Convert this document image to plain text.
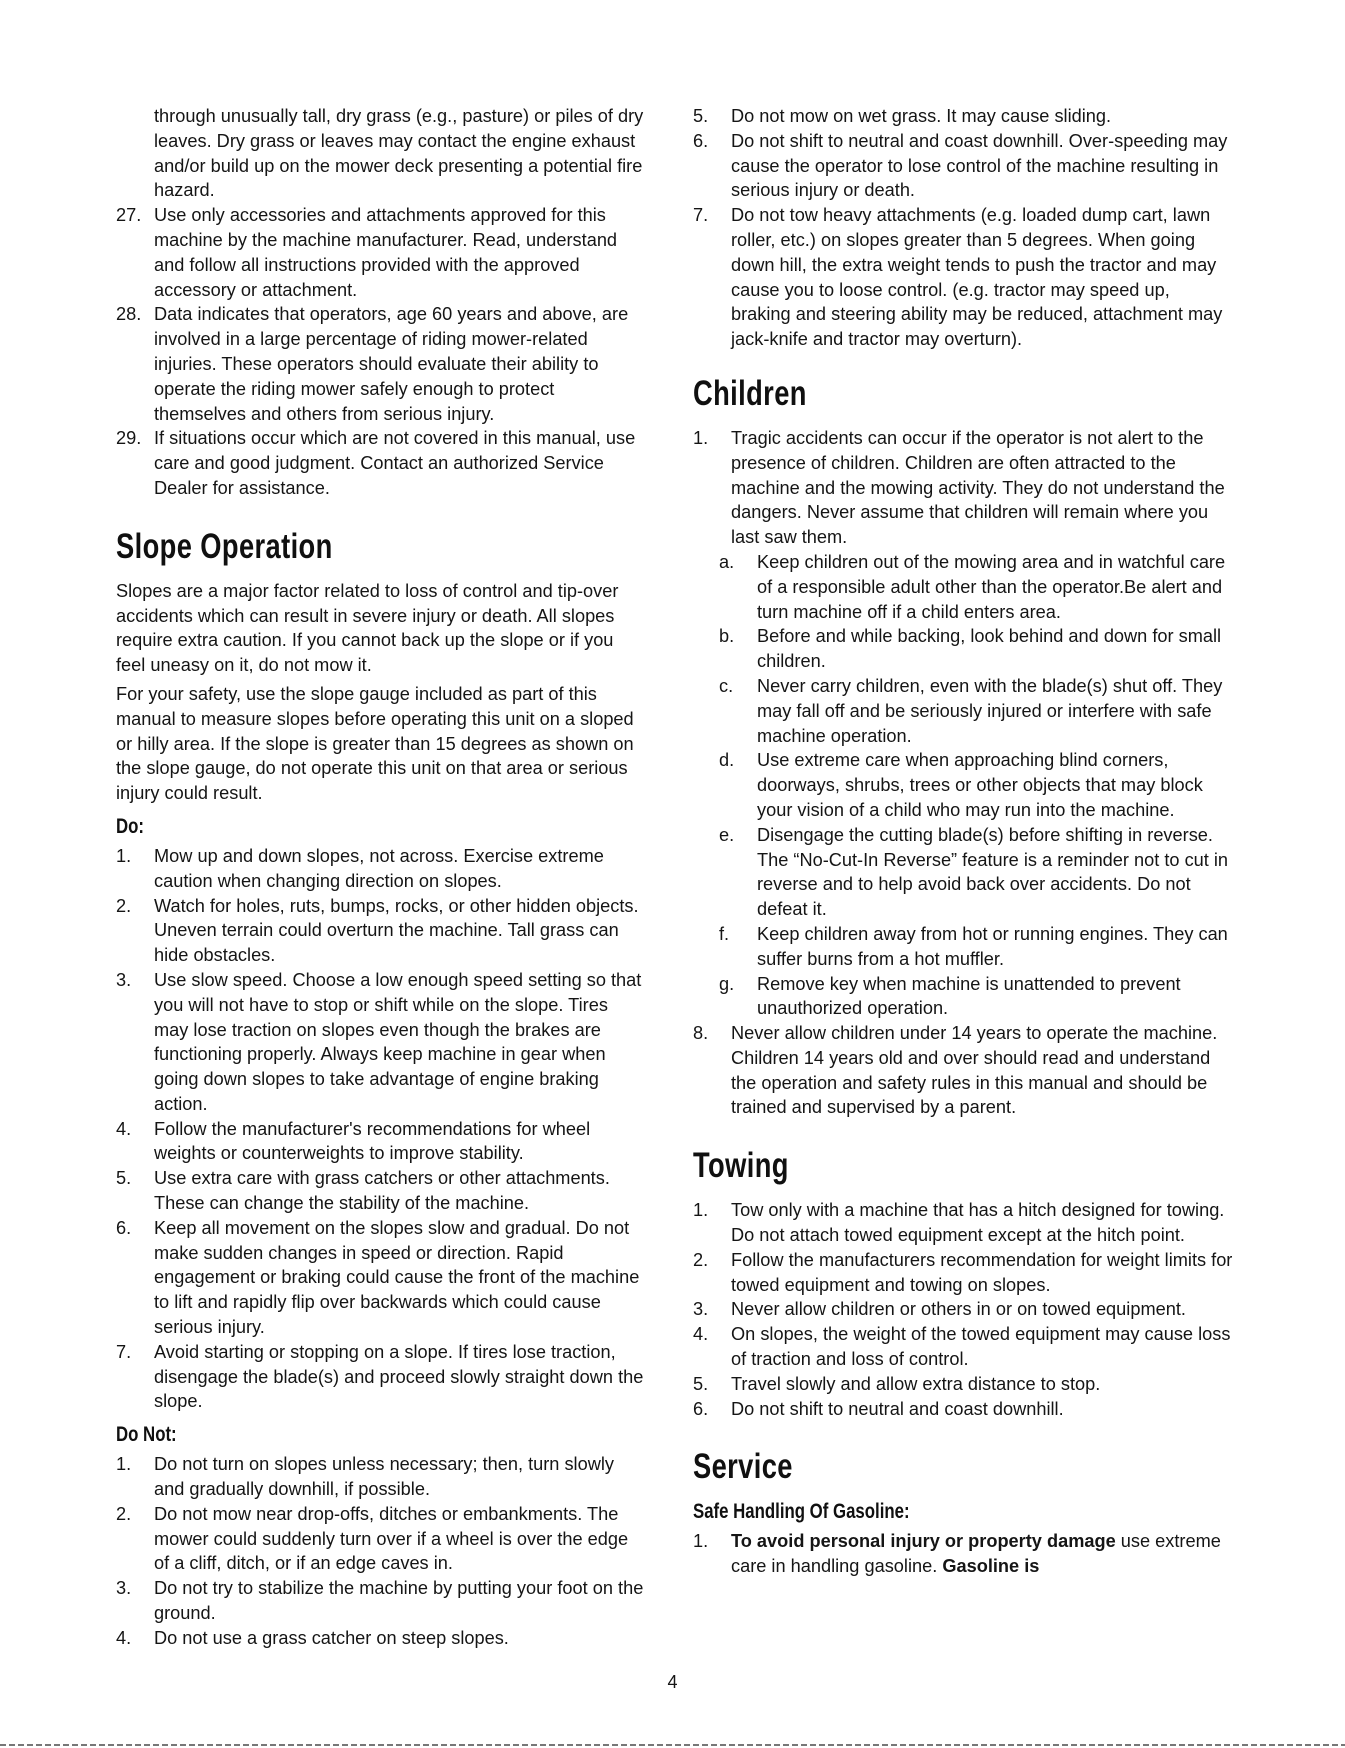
through unusually tall, dry grass (e.g., pasture) or piles of dry leaves. Dry grass or leaves may contact the engine exhaust and/or build up on the mower deck presenting a potential fire hazard.
27. Use only accessories and attachments approved for this machine by the machine manufacturer. Read, understand and follow all instructions provided with the approved accessory or attachment.
28. Data indicates that operators, age 60 years and above, are involved in a large percentage of riding mower-related injuries. These operators should evaluate their ability to operate the riding mower safely enough to protect themselves and others from serious injury.
29. If situations occur which are not covered in this manual, use care and good judgment. Contact an authorized Service Dealer for assistance.
Slope Operation

Slopes are a major factor related to loss of control and tip-over accidents which can result in severe injury or death. All slopes require extra caution. If you cannot back up the slope or if you feel uneasy on it, do not mow it.

For your safety, use the slope gauge included as part of this manual to measure slopes before operating this unit on a sloped or hilly area. If the slope is greater than 15 degrees as shown on the slope gauge, do not operate this unit on that area or serious injury could result.

Do:
1.	Mow up and down slopes, not across. Exercise extreme caution when changing direction on slopes.
2.	Watch for holes, ruts, bumps, rocks, or other hidden objects. Uneven terrain could overturn the machine. Tall grass can hide obstacles.
3.	Use slow speed. Choose a low enough speed setting so that you will not have to stop or shift while on the slope. Tires may lose traction on slopes even though the brakes are functioning properly. Always keep machine in gear when going down slopes to take advantage of engine braking action.
4.	Follow the manufacturer's recommendations for wheel weights or counterweights to improve stability.
5.	Use extra care with grass catchers or other attachments. These can change the stability of the machine.
6.	Keep all movement on the slopes slow and gradual. Do not make sudden changes in speed or direction. Rapid engagement or braking could cause the front of the machine to lift and rapidly flip over backwards which could cause serious injury.
7.	Avoid starting or stopping on a slope. If tires lose traction, disengage the blade(s) and proceed slowly straight down the slope.
Do Not:
1.	Do not turn on slopes unless necessary; then, turn slowly and gradually downhill, if possible.
2.	Do not mow near drop-offs, ditches or embankments. The mower could suddenly turn over if a wheel is over the edge of a cliff, ditch, or if an edge caves in.
3.	Do not try to stabilize the machine by putting your foot on the ground.
4.	Do not use a grass catcher on steep slopes.
5.	Do not mow on wet grass. It may cause sliding.
6.	Do not shift to neutral and coast downhill. Over-speeding may cause the operator to lose control of the machine resulting in serious injury or death.
7.	Do not tow heavy attachments (e.g. loaded dump cart, lawn roller, etc.) on slopes greater than 5 degrees. When going down hill, the extra weight tends to push the tractor and may cause you to loose control. (e.g. tractor may speed up, braking and steering ability may be reduced, attachment may jack-knife and tractor may overturn).
Children
1.	Tragic accidents can occur if the operator is not alert to the presence of children. Children are often attracted to the machine and the mowing activity. They do not understand the dangers. Never assume that children will remain where you last saw them.
a.	Keep children out of the mowing area and in watchful care of a responsible adult other than the operator.Be alert and turn machine off if a child enters area.
b.	Before and while backing, look behind and down for small children.
c.	Never carry children, even with the blade(s) shut off. They may fall off and be seriously injured or interfere with safe machine operation.
d.	Use extreme care when approaching blind corners, doorways, shrubs, trees or other objects that may block your vision of a child who may run into the machine.
e.	Disengage the cutting blade(s) before shifting in reverse. The “No-Cut-In Reverse” feature is a reminder not to cut in reverse and to help avoid back over accidents. Do not defeat it.
f.	Keep children away from hot or running engines. They can suffer burns from a hot muffler.
g.	Remove key when machine is unattended to prevent unauthorized operation.
8.	Never allow children under 14 years to operate the machine. Children 14 years old and over should read and understand the operation and safety rules in this manual and should be trained and supervised by a parent.
Towing
1.	Tow only with a machine that has a hitch designed for towing. Do not attach towed equipment except at the hitch point.
2.	Follow the manufacturers recommendation for weight limits for towed equipment and towing on slopes.
3.	Never allow children or others in or on towed equipment.
4.	On slopes, the weight of the towed equipment may cause loss of traction and loss of control.
5.	Travel slowly and allow extra distance to stop.
6.	Do not shift to neutral and coast downhill.
Service
Safe Handling Of Gasoline:
1.	To avoid personal injury or property damage use extreme care in handling gasoline. Gasoline is
4
